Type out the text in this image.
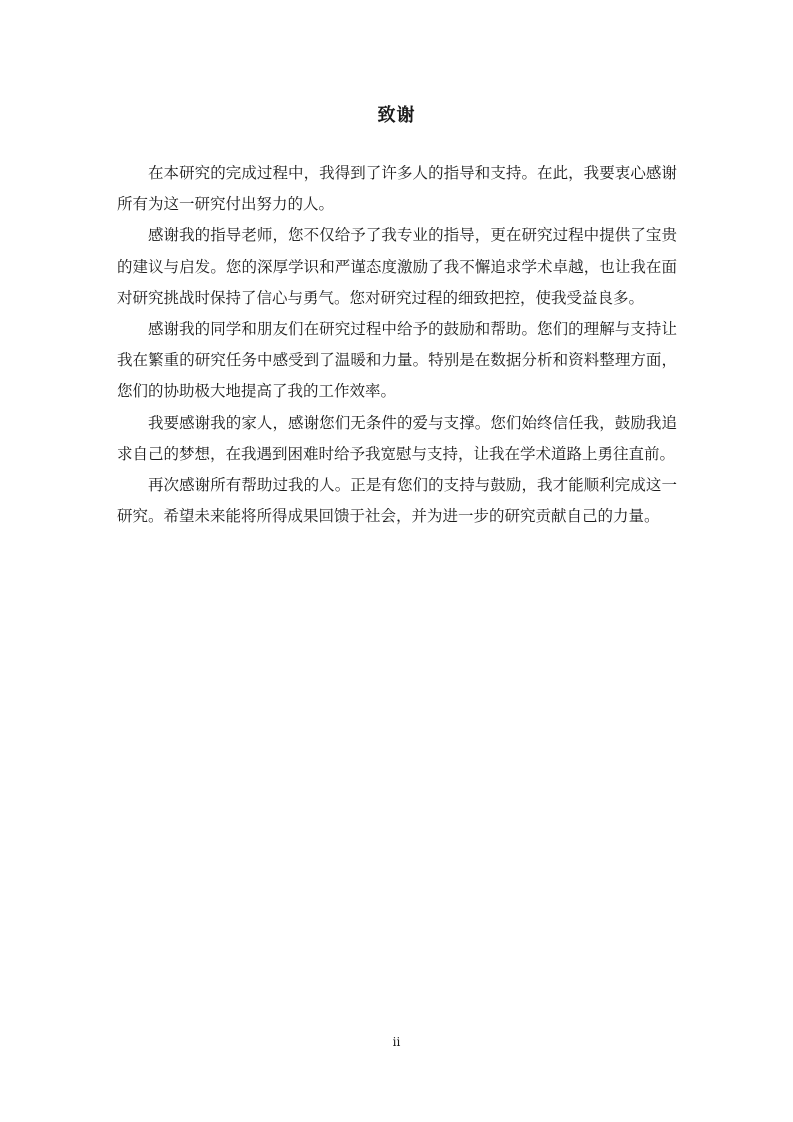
致谢

在本研究的完成过程中，我得到了许多人的指导和支持。在此，我要衷心感谢所有为这一研究付出努力的人。

感谢我的指导老师，您不仅给予了我专业的指导，更在研究过程中提供了宝贵的建议与启发。您的深厚学识和严谨态度激励了我不懈追求学术卓越，也让我在面对研究挑战时保持了信心与勇气。您对研究过程的细致把控，使我受益良多。

感谢我的同学和朋友们在研究过程中给予的鼓励和帮助。您们的理解与支持让我在繁重的研究任务中感受到了温暖和力量。特别是在数据分析和资料整理方面，您们的协助极大地提高了我的工作效率。

我要感谢我的家人，感谢您们无条件的爱与支撑。您们始终信任我，鼓励我追求自己的梦想，在我遇到困难时给予我宽慰与支持，让我在学术道路上勇往直前。

再次感谢所有帮助过我的人。正是有您们的支持与鼓励，我才能顺利完成这一研究。希望未来能将所得成果回馈于社会，并为进一步的研究贡献自己的力量。

ii
